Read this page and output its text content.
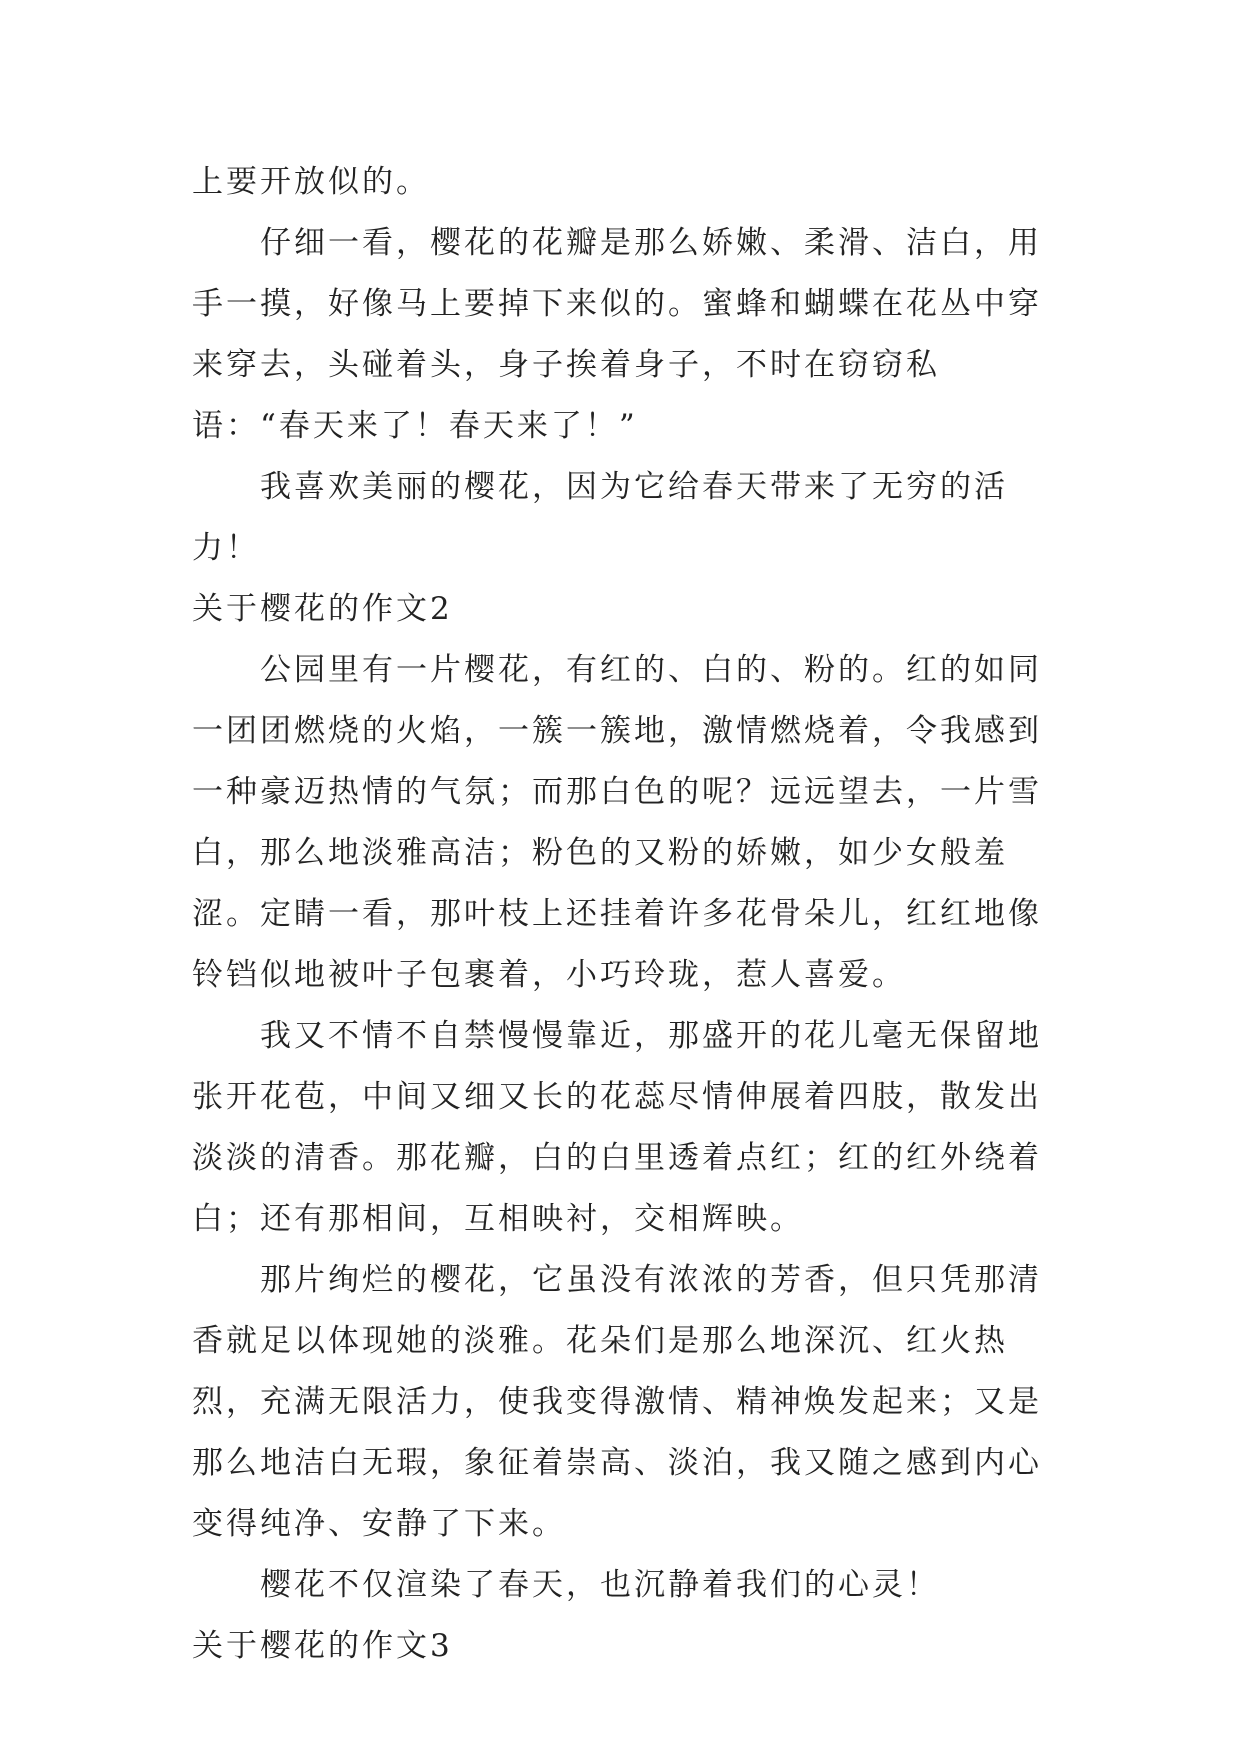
上要开放似的。

仔细一看，樱花的花瓣是那么娇嫩、柔滑、洁白，用手一摸，好像马上要掉下来似的。蜜蜂和蝴蝶在花丛中穿来穿去，头碰着头，身子挨着身子，不时在窃窃私语：“春天来了！春天来了！”

我喜欢美丽的樱花，因为它给春天带来了无穷的活力！

关于樱花的作文2

公园里有一片樱花，有红的、白的、粉的。红的如同一团团燃烧的火焰，一簇一簇地，激情燃烧着，令我感到一种豪迈热情的气氛；而那白色的呢？远远望去，一片雪白，那么地淡雅高洁；粉色的又粉的娇嫩，如少女般羞涩。定睛一看，那叶枝上还挂着许多花骨朵儿，红红地像铃铛似地被叶子包裹着，小巧玲珑，惹人喜爱。

我又不情不自禁慢慢靠近，那盛开的花儿毫无保留地张开花苞，中间又细又长的花蕊尽情伸展着四肢，散发出淡淡的清香。那花瓣，白的白里透着点红；红的红外绕着白；还有那相间，互相映衬，交相辉映。

那片绚烂的樱花，它虽没有浓浓的芳香，但只凭那清香就足以体现她的淡雅。花朵们是那么地深沉、红火热烈，充满无限活力，使我变得激情、精神焕发起来；又是那么地洁白无瑕，象征着崇高、淡泊，我又随之感到内心变得纯净、安静了下来。

樱花不仅渲染了春天，也沉静着我们的心灵！

关于樱花的作文3
